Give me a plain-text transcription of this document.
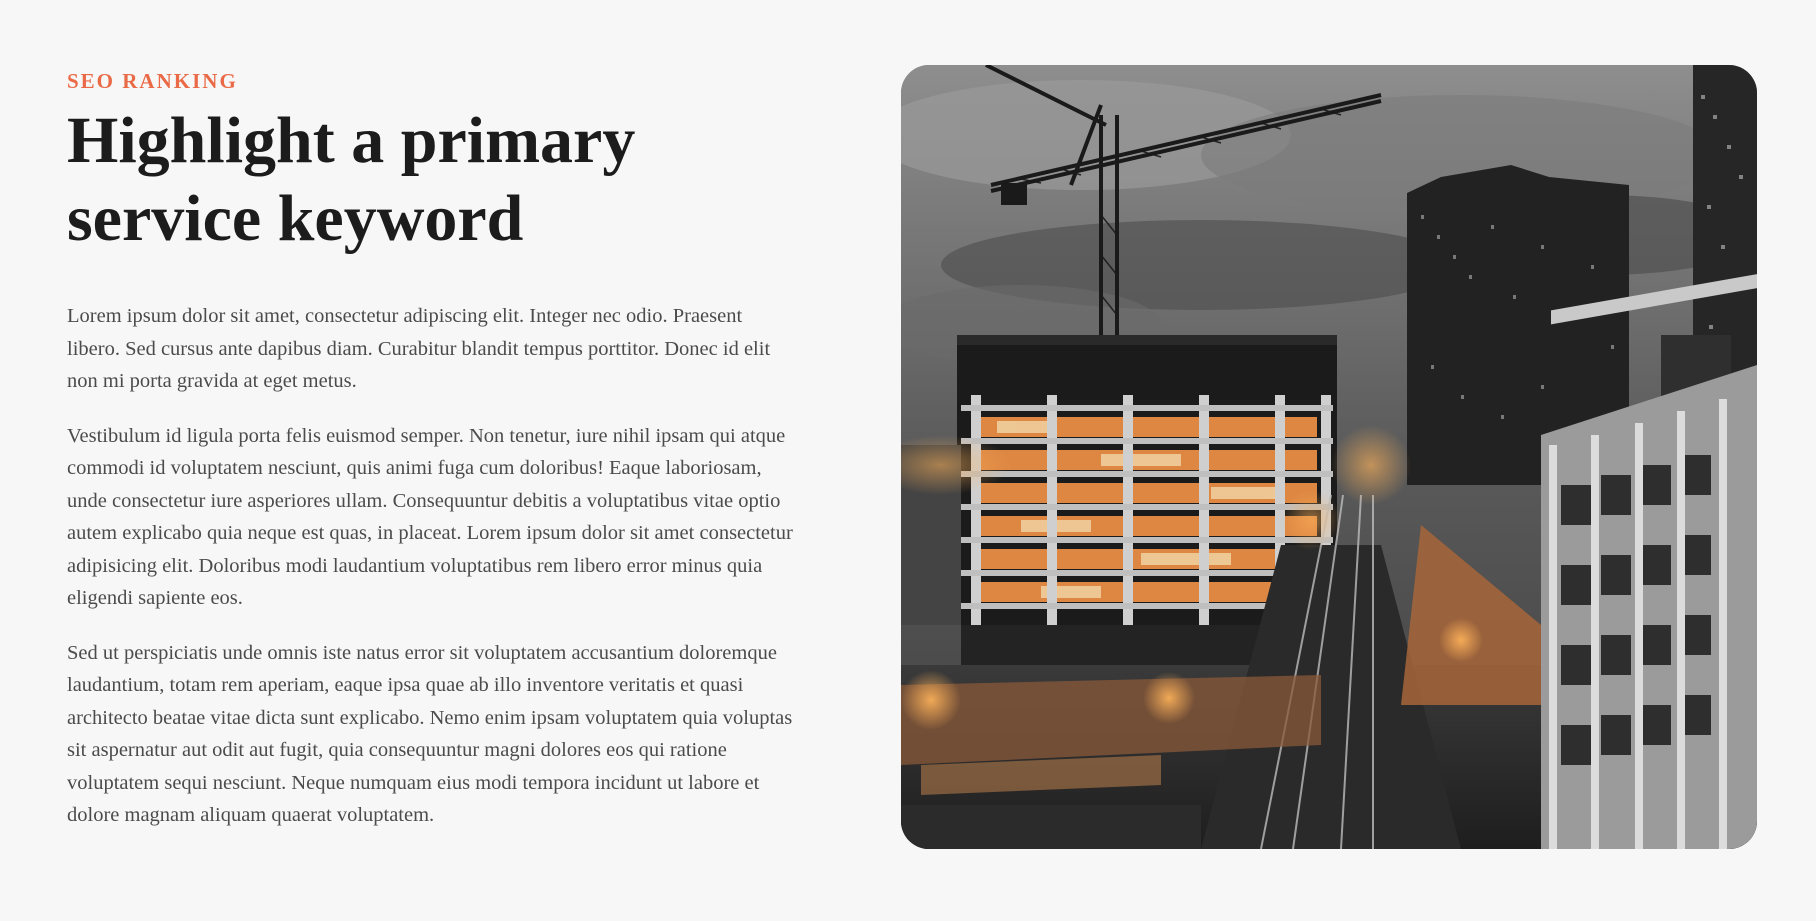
SEO RANKING
Highlight a primary service keyword

Lorem ipsum dolor sit amet, consectetur adipiscing elit. Integer nec odio. Praesent libero. Sed cursus ante dapibus diam. Curabitur blandit tempus porttitor. Donec id elit non mi porta gravida at eget metus.

Vestibulum id ligula porta felis euismod semper. Non tenetur, iure nihil ipsam qui atque commodi id voluptatem nesciunt, quis animi fuga cum doloribus! Eaque laboriosam, unde consectetur iure asperiores ullam. Consequuntur debitis a voluptatibus vitae optio autem explicabo quia neque est quas, in placeat. Lorem ipsum dolor sit amet consectetur adipisicing elit. Doloribus modi laudantium voluptatibus rem libero error minus quia eligendi sapiente eos.

Sed ut perspiciatis unde omnis iste natus error sit voluptatem accusantium doloremque laudantium, totam rem aperiam, eaque ipsa quae ab illo inventore veritatis et quasi architecto beatae vitae dicta sunt explicabo. Nemo enim ipsam voluptatem quia voluptas sit aspernatur aut odit aut fugit, quia consequuntur magni dolores eos qui ratione voluptatem sequi nesciunt. Neque numquam eius modi tempora incidunt ut labore et dolore magnam aliquam quaerat voluptatem.
